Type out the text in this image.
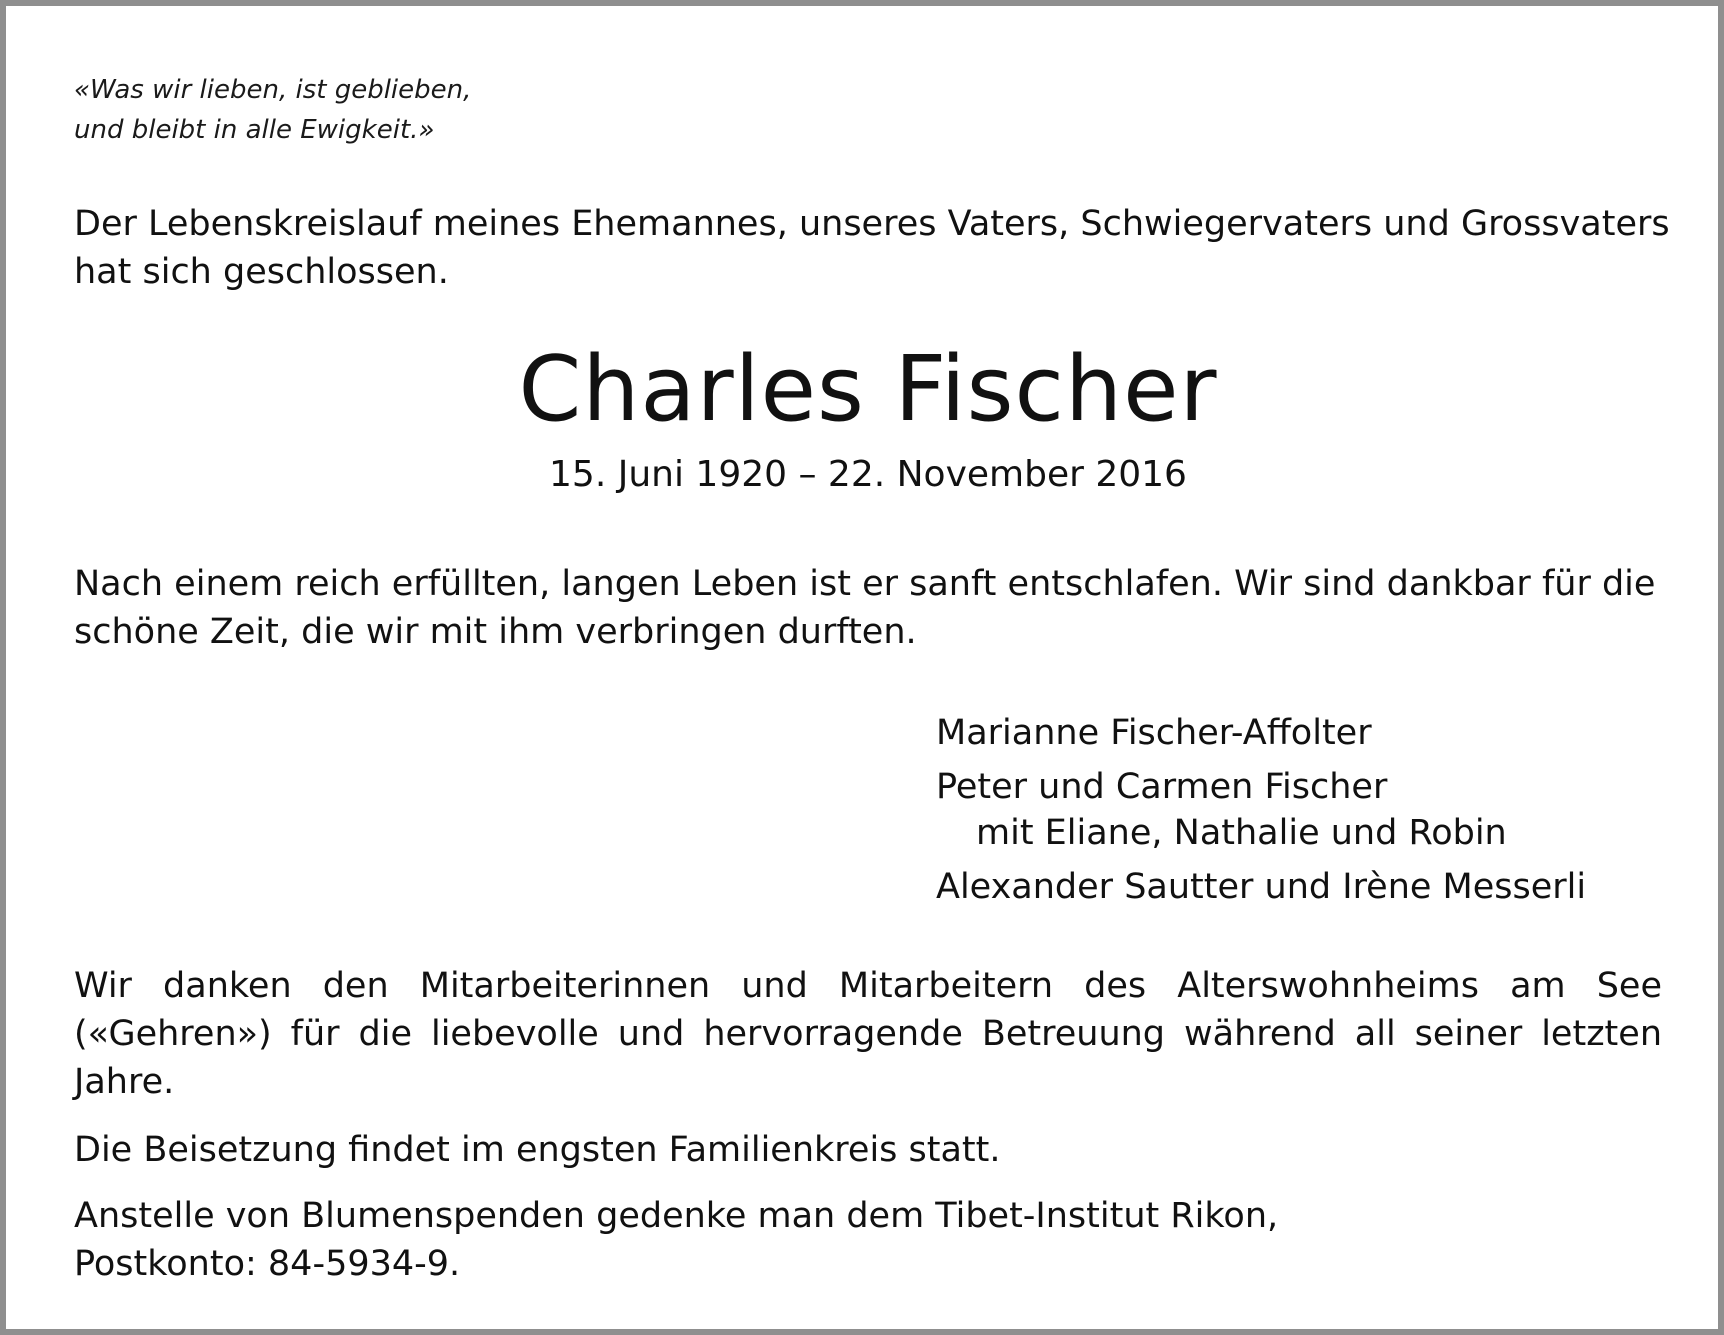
«Was wir lieben, ist geblieben,
und bleibt in alle Ewigkeit.»

Der Lebenskreislauf meines Ehemannes, unseres Vaters, Schwiegervaters und Grossvaters
hat sich geschlossen.

Charles Fischer

15. Juni 1920 – 22. November 2016

Nach einem reich erfüllten, langen Leben ist er sanft entschlafen. Wir sind dankbar für die
schöne Zeit, die wir mit ihm verbringen durften.

Marianne Fischer-Affolter
Peter und Carmen Fischer
mit Eliane, Nathalie und Robin
Alexander Sautter und Irène Messerli

Wir danken den Mitarbeiterinnen und Mitarbeitern des Alterswohnheims am See
(«Gehren») für die liebevolle und hervorragende Betreuung während all seiner letzten
Jahre.

Die Beisetzung findet im engsten Familienkreis statt.

Anstelle von Blumenspenden gedenke man dem Tibet-Institut Rikon,
Postkonto: 84-5934-9.
